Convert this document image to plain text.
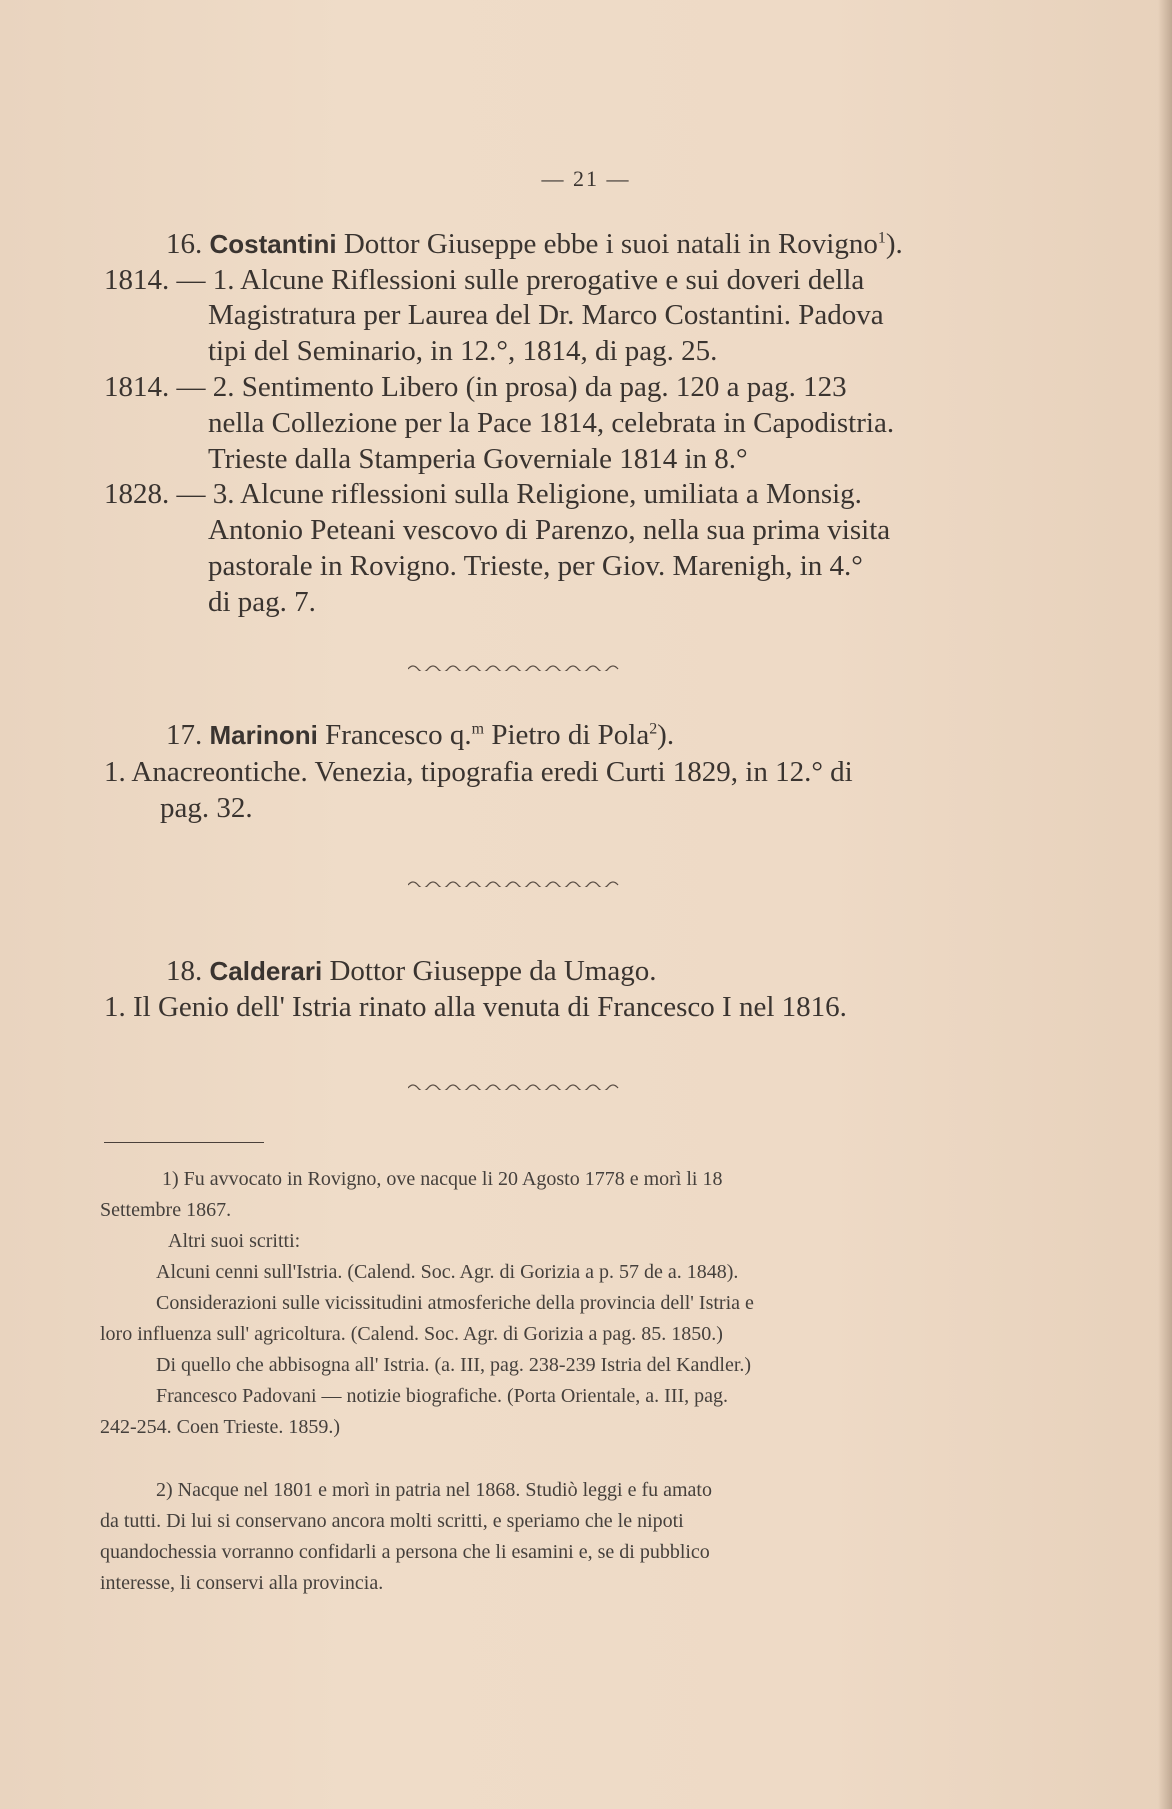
— 21 —
16. Costantini Dottor Giuseppe ebbe i suoi natali in Rovigno$^1$).
1814. — 1. Alcune Riflessioni sulle prerogative e sui doveri della
Magistratura per Laurea del Dr. Marco Costantini. Padova
tipi del Seminario, in 12.°, 1814, di pag. 25.
1814. — 2. Sentimento Libero (in prosa) da pag. 120 a pag. 123
nella Collezione per la Pace 1814, celebrata in Capodistria.
Trieste dalla Stamperia Governiale 1814 in 8.°
1828. — 3. Alcune riflessioni sulla Religione, umiliata a Monsig.
Antonio Peteani vescovo di Parenzo, nella sua prima visita
pastorale in Rovigno. Trieste, per Giov. Marenigh, in 4.°
di pag. 7.
17. Marinoni Francesco q.$^m$ Pietro di Pola$^2$).
1. Anacreontiche. Venezia, tipografia eredi Curti 1829, in 12.° di
pag. 32.
18. Calderari Dottor Giuseppe da Umago.
1. Il Genio dell' Istria rinato alla venuta di Francesco I nel 1816.
1) Fu avvocato in Rovigno, ove nacque li 20 Agosto 1778 e morì li 18
Settembre 1867.
Altri suoi scritti:
Alcuni cenni sull'Istria. (Calend. Soc. Agr. di Gorizia a p. 57 de a. 1848).
Considerazioni sulle vicissitudini atmosferiche della provincia dell' Istria e
loro influenza sull' agricoltura. (Calend. Soc. Agr. di Gorizia a pag. 85. 1850.)
Di quello che abbisogna all' Istria. (a. III, pag. 238-239 Istria del Kandler.)
Francesco Padovani — notizie biografiche. (Porta Orientale, a. III, pag.
242-254. Coen Trieste. 1859.)
2) Nacque nel 1801 e morì in patria nel 1868. Studiò leggi e fu amato
da tutti. Di lui si conservano ancora molti scritti, e speriamo che le nipoti
quandochessia vorranno confidarli a persona che li esamini e, se di pubblico
interesse, li conservi alla provincia.
